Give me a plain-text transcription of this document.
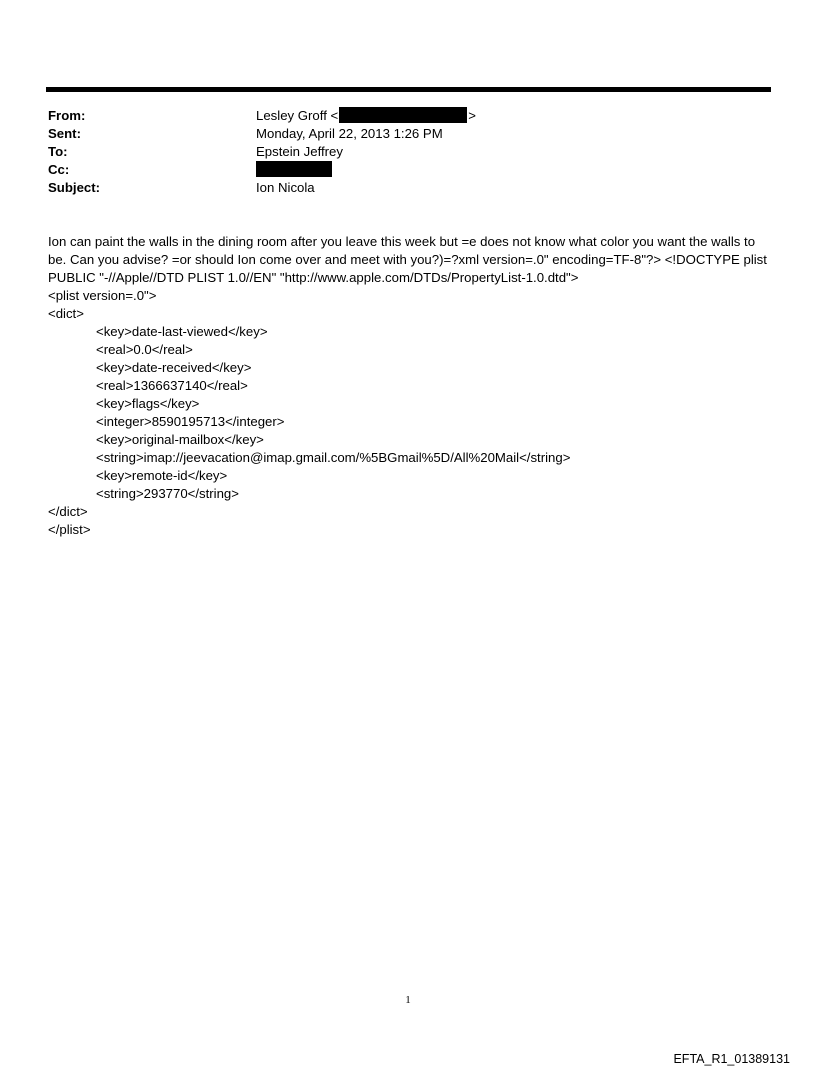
From:	Lesley Groff <	>
Sent:	Monday, April 22, 2013 1:26 PM
To:	Epstein Jeffrey
Cc:
Subject:	Ion Nicola

Ion can paint the walls in the dining room after you leave this week but =e does not know what color you want the walls to be. Can you advise? =or should Ion come over and meet with you?)=?xml version=.0" encoding=TF-8"?> <!DOCTYPE plist PUBLIC "-//Apple//DTD PLIST 1.0//EN" "http://www.apple.com/DTDs/PropertyList-1.0.dtd">

<plist version=.0">
<dict>
<key>date-last-viewed</key>
<real>0.0</real>
<key>date-received</key>
<real>1366637140</real>
<key>flags</key>
<integer>8590195713</integer>
<key>original-mailbox</key>
<string>imap://jeevacation@imap.gmail.com/%5BGmail%5D/All%20Mail</string>
<key>remote-id</key>
<string>293770</string>
</dict>
</plist>
1
EFTA_R1_01389131
